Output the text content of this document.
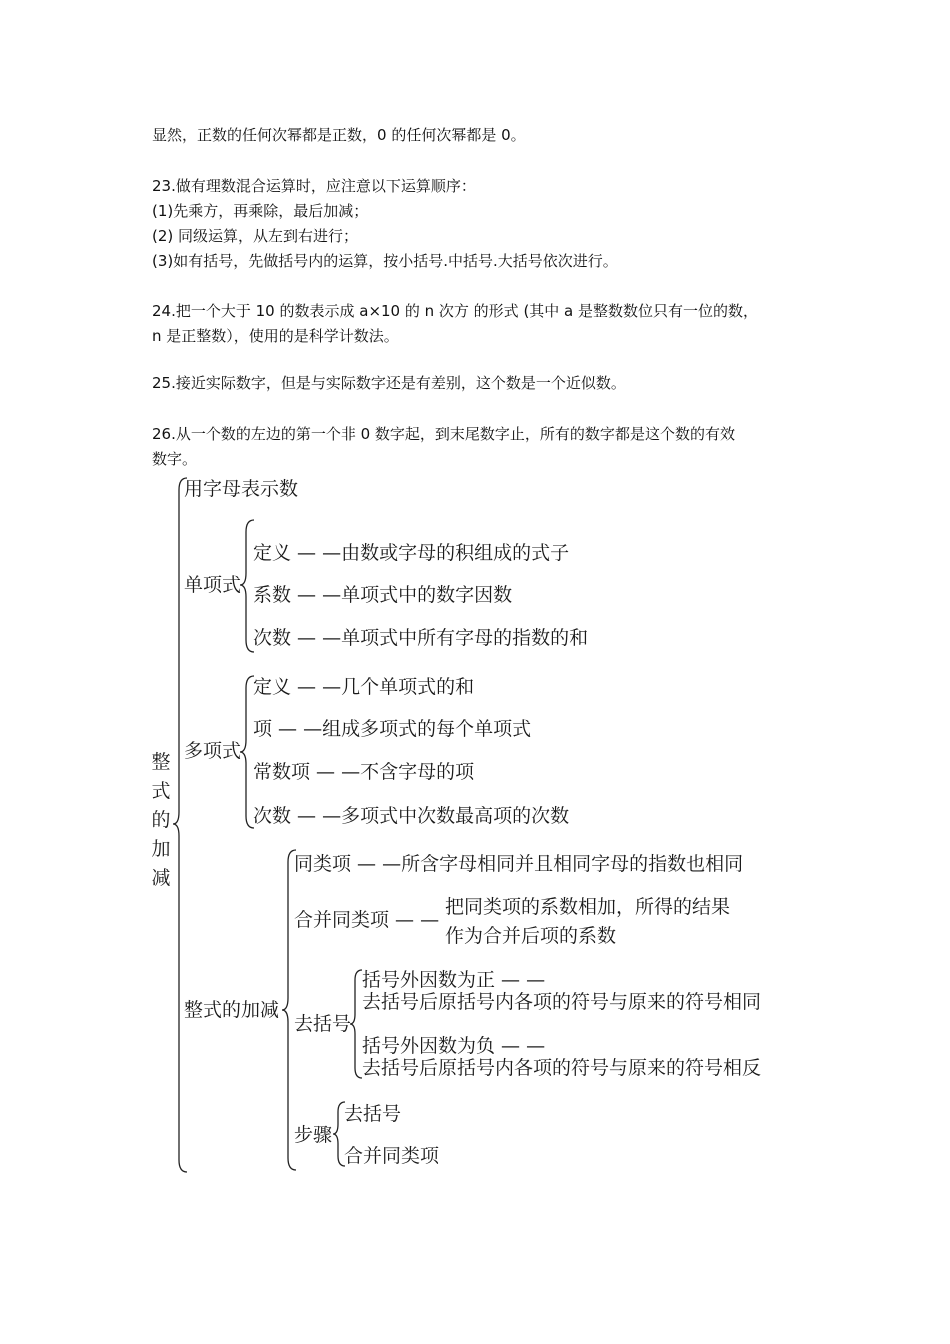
显然，正数的任何次幂都是正数，0 的任何次幂都是 0。
23.做有理数混合运算时，应注意以下运算顺序：
(1)先乘方，再乘除，最后加减；
(2) 同级运算，从左到右进行；
(3)如有括号，先做括号内的运算，按小括号.中括号.大括号依次进行。
24.把一个大于 10 的数表示成 a×10 的 n 次方 的形式 (其中 a 是整数数位只有一位的数，
n 是正整数），使用的是科学计数法。
25.接近实际数字，但是与实际数字还是有差别，这个数是一个近似数。
26.从一个数的左边的第一个非 0 数字起，到末尾数字止，所有的数字都是这个数的有效
数字。
整
式
的
加
减
用字母表示数
单项式
定义 — —由数或字母的积组成的式子
系数 — —单项式中的数字因数
次数 — —单项式中所有字母的指数的和
多项式
定义 — —几个单项式的和
项 — —组成多项式的每个单项式
常数项 — —不含字母的项
次数 — —多项式中次数最高项的次数
整式的加减
同类项 — —所含字母相同并且相同字母的指数也相同
合并同类项 — —
把同类项的系数相加，所得的结果
作为合并后项的系数
去括号
括号外因数为正 — —
去括号后原括号内各项的符号与原来的符号相同
括号外因数为负 — —
去括号后原括号内各项的符号与原来的符号相反
步骤
去括号
合并同类项
